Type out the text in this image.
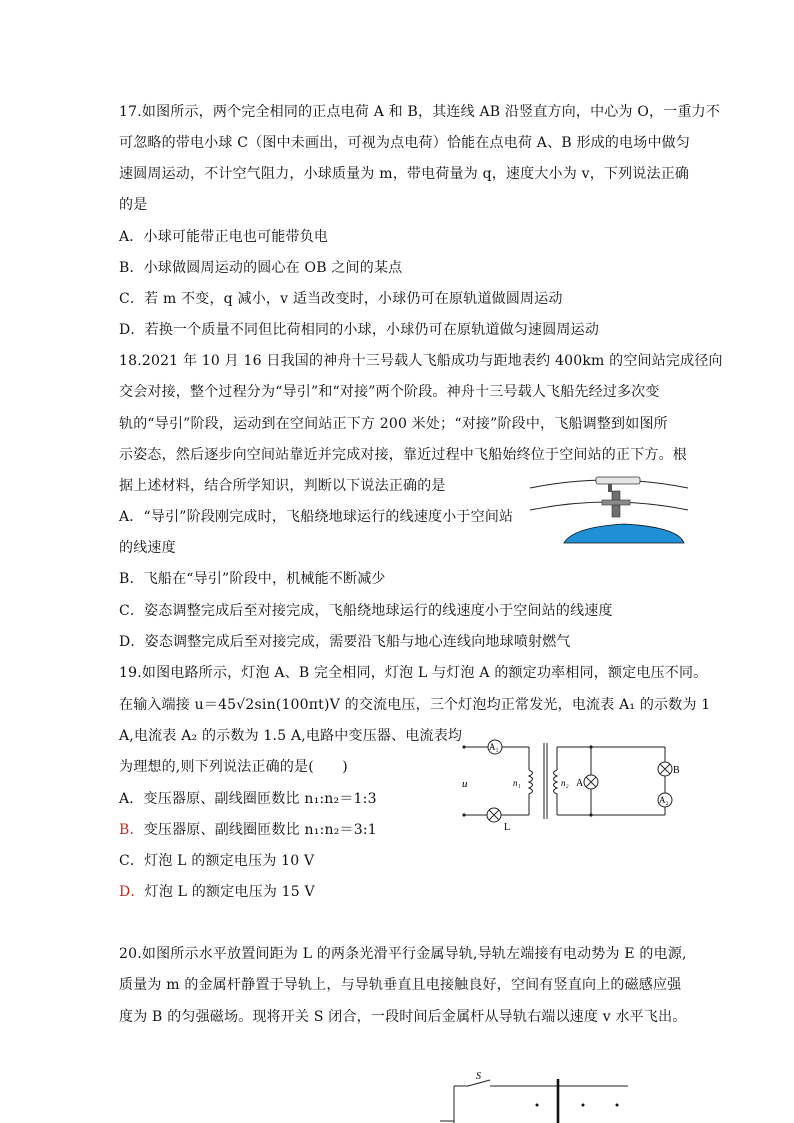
17.如图所示，两个完全相同的正点电荷 A 和 B，其连线 AB 沿竖直方向，中心为 O，一重力不
可忽略的带电小球 C（图中未画出，可视为点电荷）恰能在点电荷 A、B 形成的电场中做匀
速圆周运动，不计空气阻力，小球质量为 m，带电荷量为 q，速度大小为 v，下列说法正确
的是
A．小球可能带正电也可能带负电
B．小球做圆周运动的圆心在 OB 之间的某点
C．若 m 不变，q 减小，v 适当改变时，小球仍可在原轨道做圆周运动
D．若换一个质量不同但比荷相同的小球，小球仍可在原轨道做匀速圆周运动
18.2021 年 10 月 16 日我国的神舟十三号载人飞船成功与距地表约 400km 的空间站完成径向
交会对接，整个过程分为“导引”和“对接”两个阶段。神舟十三号载人飞船先经过多次变
轨的“导引”阶段，运动到在空间站正下方 200 米处；“对接”阶段中，飞船调整到如图所
示姿态，然后逐步向空间站靠近并完成对接，靠近过程中飞船始终位于空间站的正下方。根
据上述材料，结合所学知识，判断以下说法正确的是
A．“导引”阶段刚完成时，飞船绕地球运行的线速度小于空间站
的线速度
B．飞船在“导引”阶段中，机械能不断减少
C．姿态调整完成后至对接完成，飞船绕地球运行的线速度小于空间站的线速度
D．姿态调整完成后至对接完成，需要沿飞船与地心连线向地球喷射燃气
19.如图电路所示，灯泡 A、B 完全相同，灯泡 L 与灯泡 A 的额定功率相同，额定电压不同。
在输入端接 u＝45√2sin(100πt)V 的交流电压，三个灯泡均正常发光，电流表 A₁ 的示数为 1
A,电流表 A₂ 的示数为 1.5 A,电路中变压器、电流表均
为理想的,则下列说法正确的是(　　)
A．变压器原、副线圈匝数比 n₁:n₂＝1:3
B．变压器原、副线圈匝数比 n₁:n₂＝3:1
C．灯泡 L 的额定电压为 10 V
D．灯泡 L 的额定电压为 15 V
A₁
u	n₁	n₂ A
B
A₂
L
20.如图所示水平放置间距为 L 的两条光滑平行金属导轨,导轨左端接有电动势为 E 的电源,
质量为 m 的金属杆静置于导轨上，与导轨垂直且电接触良好，空间有竖直向上的磁感应强
度为 B 的匀强磁场。现将开关 S 闭合，一段时间后金属杆从导轨右端以速度 v 水平飞出。
S
